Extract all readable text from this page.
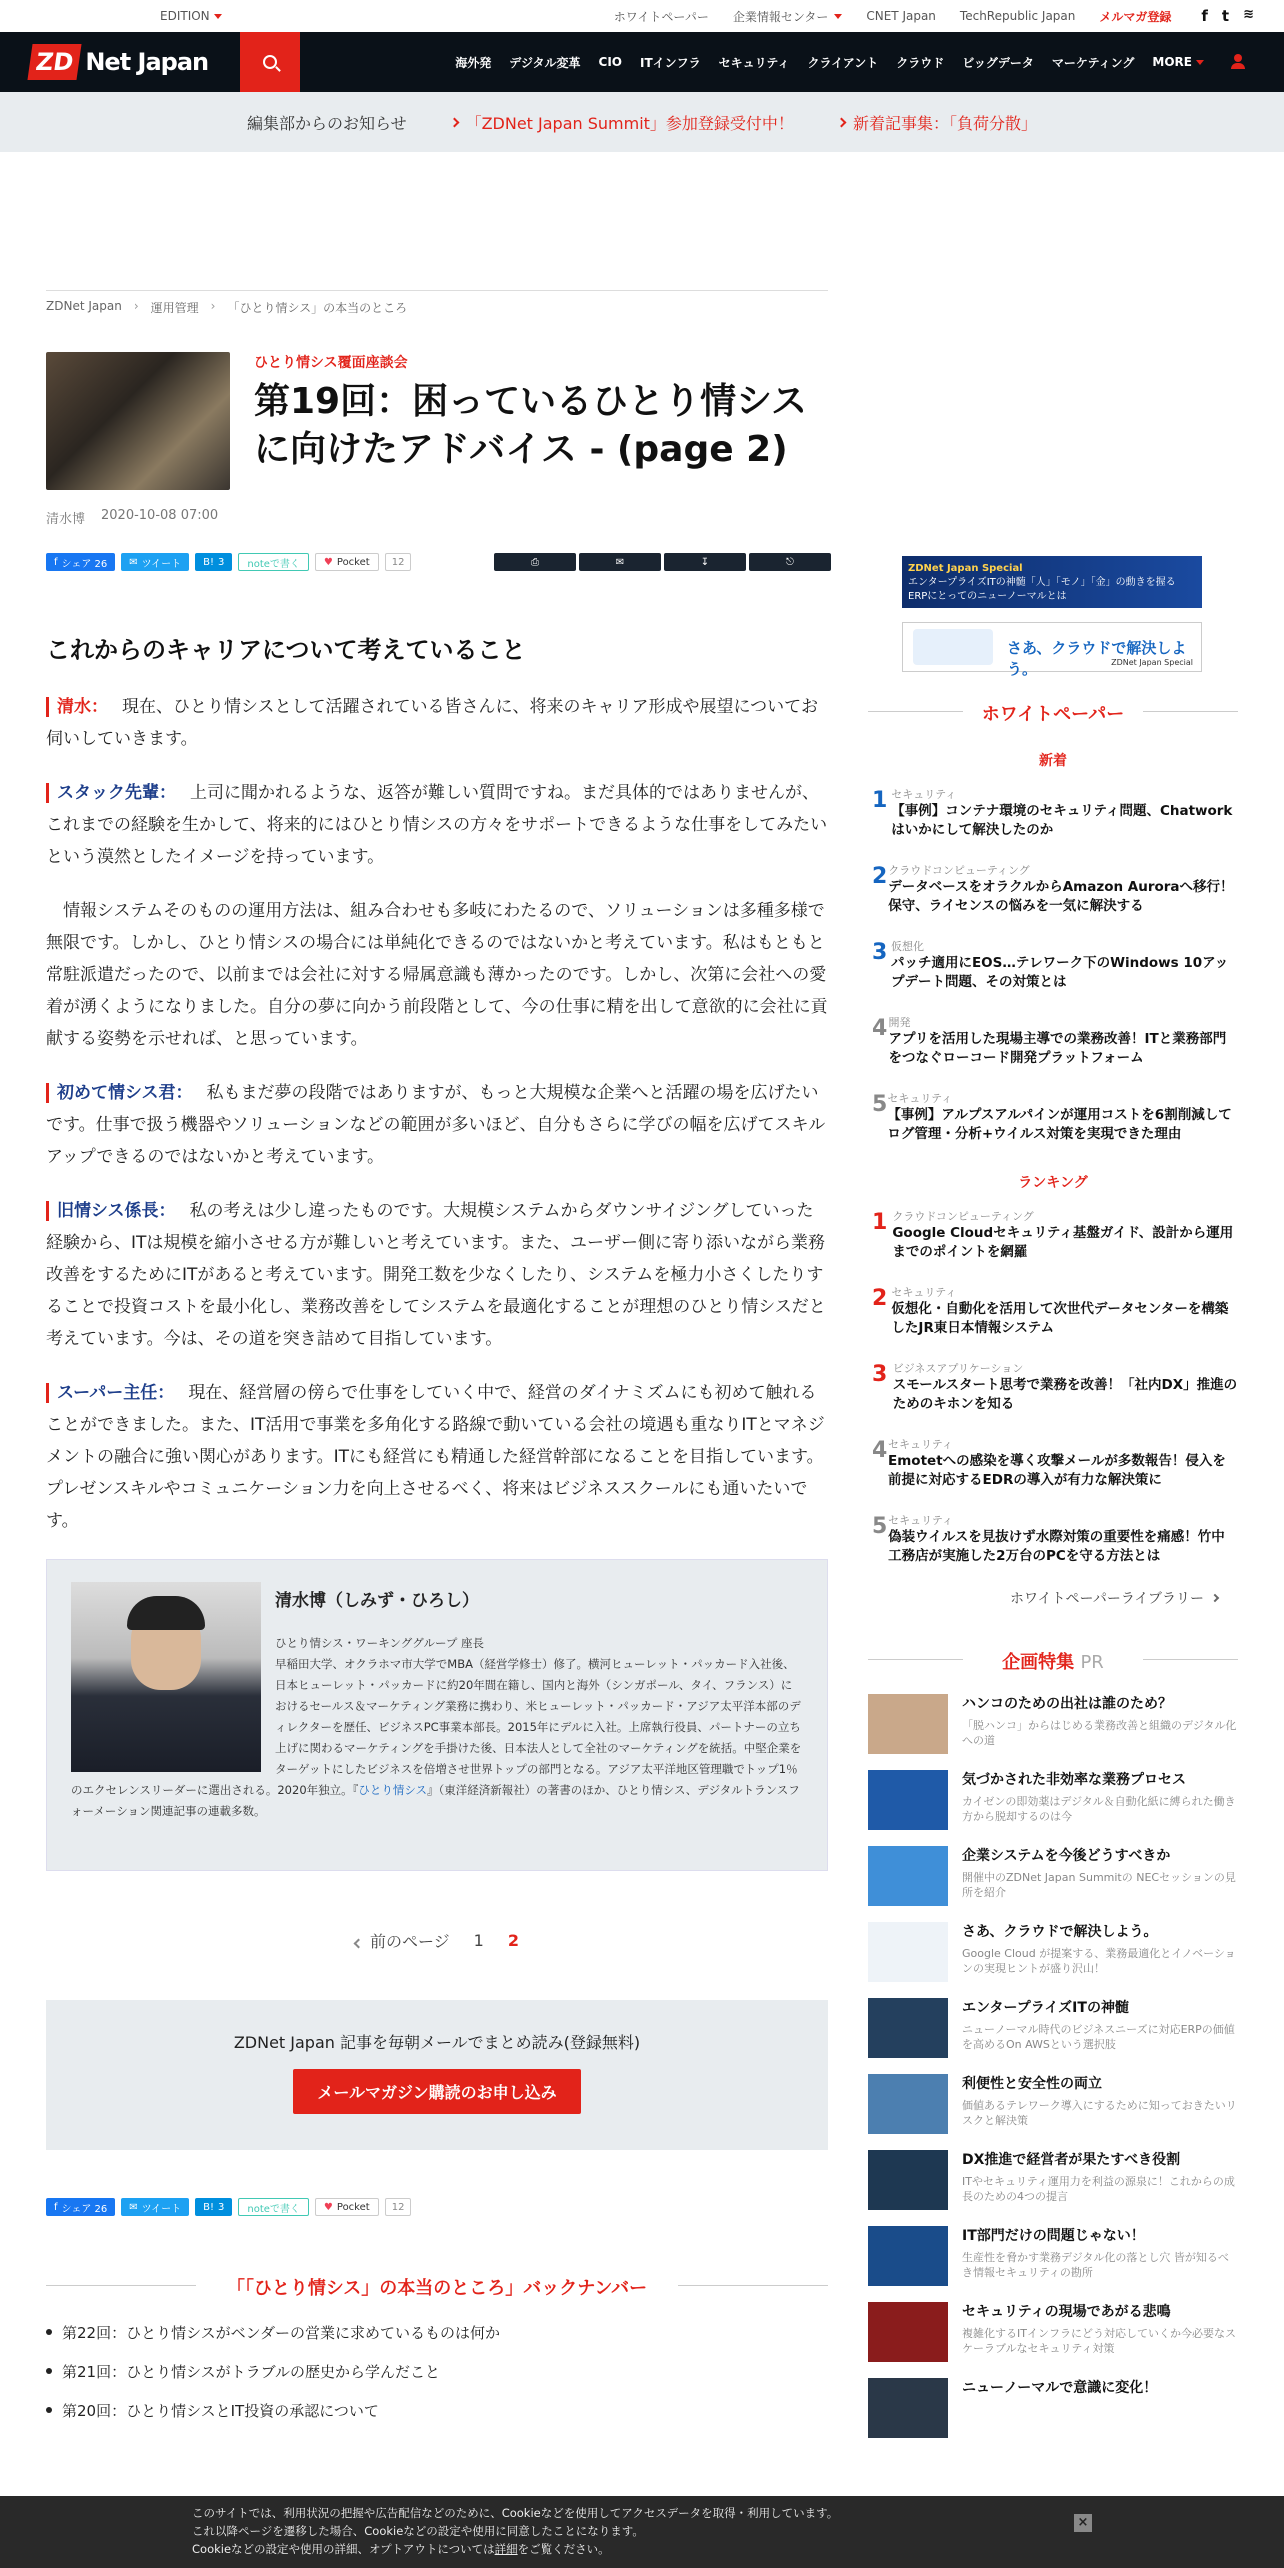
EDITION	ホワイトペーパー 企業情報センター	CNET Japan TechRepublic Japan メルマガ登録 f t ≋
ZD Net Japan	海外発 デジタル変革 CIO ITインフラ セキュリティ クライアント クラウド ビッグデータ マーケティング MORE
編集部からのお知らせ	「ZDNet Japan Summit」参加登録受付中！	新着記事集：「負荷分散」
ZDNet Japan › 運用管理 › 「ひとり情シス」の本当のところ
ひとり情シス覆面座談会
第19回：困っているひとり情シスに向けたアドバイス - (page 2)
清水博 2020-10-08 07:00
f シェア 26 ✉︎ ツイート B! 3 noteで書く ♥ Pocket	12	⎙	✉	↧	⎋
これからのキャリアについて考えていること

清水： 現在、ひとり情シスとして活躍されている皆さんに、将来のキャリア形成や展望についてお伺いしていきます。

スタック先輩： 上司に聞かれるような、返答が難しい質問ですね。まだ具体的ではありませんが、これまでの経験を生かして、将来的にはひとり情シスの方々をサポートできるような仕事をしてみたいという漠然としたイメージを持っています。

情報システムそのものの運用方法は、組み合わせも多岐にわたるので、ソリューションは多種多様で無限です。しかし、ひとり情シスの場合には単純化できるのではないかと考えています。私はもともと常駐派遣だったので、以前までは会社に対する帰属意識も薄かったのです。しかし、次第に会社への愛着が湧くようになりました。自分の夢に向かう前段階として、今の仕事に精を出して意欲的に会社に貢献する姿勢を示せれば、と思っています。

初めて情シス君： 私もまだ夢の段階ではありますが、もっと大規模な企業へと活躍の場を広げたいです。仕事で扱う機器やソリューションなどの範囲が多いほど、自分もさらに学びの幅を広げてスキルアップできるのではないかと考えています。

旧情シス係長： 私の考えは少し違ったものです。大規模システムからダウンサイジングしていった経験から、ITは規模を縮小させる方が難しいと考えています。また、ユーザー側に寄り添いながら業務改善をするためにITがあると考えています。開発工数を少なくしたり、システムを極力小さくしたりすることで投資コストを最小化し、業務改善をしてシステムを最適化することが理想のひとり情シスだと考えています。今は、その道を突き詰めて目指しています。

スーパー主任： 現在、経営層の傍らで仕事をしていく中で、経営のダイナミズムにも初めて触れることができました。また、IT活用で事業を多角化する路線で動いている会社の境遇も重なりITとマネジメントの融合に強い関心があります。ITにも経営にも精通した経営幹部になることを目指しています。プレゼンスキルやコミュニケーション力を向上させるべく、将来はビジネススクールにも通いたいです。

清水博（しみず・ひろし）
ひとり情シス・ワーキンググループ 座長
早稲田大学、オクラホマ市大学でMBA（経営学修士）修了。横河ヒューレット・パッカード入社後、日本ヒューレット・パッカードに約20年間在籍し、国内と海外（シンガポール、タイ、フランス）におけるセールス＆マーケティング業務に携わり、米ヒューレット・パッカード・アジア太平洋本部のディレクターを歴任、ビジネスPC事業本部長。2015年にデルに入社。上席執行役員、パートナーの立ち上げに関わるマーケティングを手掛けた後、日本法人として全社のマーケティングを統括。中堅企業をターゲットにしたビジネスを倍増させ世界トップの部門となる。アジア太平洋地区管理職でトップ1％のエクセレンスリーダーに選出される。2020年独立。『ひとり情シス』（東洋経済新報社）の著書のほか、ひとり情シス、デジタルトランスフォーメーション関連記事の連載多数。
前のページ 1 2
ZDNet Japan 記事を毎朝メールでまとめ読み(登録無料)
メールマガジン購読のお申し込み
f シェア 26 ✉︎ ツイート B! 3 noteで書く ♥ Pocket	12
「「ひとり情シス」の本当のところ」バックナンバー
第22回：ひとり情シスがベンダーの営業に求めているものは何か
第21回：ひとり情シスがトラブルの歴史から学んだこと
第20回：ひとり情シスとIT投資の承認について
ZDNet Japan Special
エンタープライズITの神髄「人」「モノ」「金」の動きを握る
ERPにとってのニューノーマルとは
さあ、クラウドで解決しよう。	ZDNet Japan Special
ホワイトペーパー
新着
1 セキュリティ
【事例】コンテナ環境のセキュリティ問題、Chatworkはいかにして解決したのか
2 クラウドコンピューティング
データベースをオラクルからAmazon Auroraへ移行！保守、ライセンスの悩みを一気に解決する
3 仮想化
パッチ適用にEOS…テレワーク下のWindows 10アップデート問題、その対策とは
4 開発
アプリを活用した現場主導での業務改善！ITと業務部門をつなぐローコード開発プラットフォーム
5 セキュリティ
【事例】アルプスアルパインが運用コストを6割削減してログ管理・分析+ウイルス対策を実現できた理由
ランキング
1 クラウドコンピューティング
Google Cloudセキュリティ基盤ガイド、設計から運用までのポイントを網羅
2 セキュリティ
仮想化・自動化を活用して次世代データセンターを構築したJR東日本情報システム
3 ビジネスアプリケーション
スモールスタート思考で業務を改善！「社内DX」推進のためのキホンを知る
4 セキュリティ
Emotetへの感染を導く攻撃メールが多数報告！侵入を前提に対応するEDRの導入が有力な解決策に
5 セキュリティ
偽装ウイルスを見抜けず水際対策の重要性を痛感！竹中工務店が実施した2万台のPCを守る方法とは
ホワイトペーパーライブラリー
企画特集 PR
ハンコのための出社は誰のため？
「脱ハンコ」からはじめる業務改善と組織のデジタル化への道
気づかされた非効率な業務プロセス
カイゼンの即効薬はデジタル＆自動化紙に縛られた働き方から脱却するのは今
企業システムを今後どうすべきか
開催中のZDNet Japan Summitの NECセッションの見所を紹介
さあ、クラウドで解決しよう。
Google Cloud が提案する、業務最適化とイノベーションの実現ヒントが盛り沢山！
エンタープライズITの神髄
ニューノーマル時代のビジネスニーズに対応ERPの価値を高めるOn AWSという選択肢
利便性と安全性の両立
価値あるテレワーク導入にするために知っておきたいリスクと解決策
DX推進で経営者が果たすべき役割
ITやセキュリティ運用力を利益の源泉に！これからの成長のための4つの提言
IT部門だけの問題じゃない！
生産性を脅かす業務デジタル化の落とし穴 皆が知るべき情報セキュリティの勘所
セキュリティの現場であがる悲鳴
複雑化するITインフラにどう対応していくか今必要なスケーラブルなセキュリティ対策
ニューノーマルで意識に変化！
このサイトでは、利用状況の把握や広告配信などのために、Cookieなどを使用してアクセスデータを取得・利用しています。
これ以降ページを遷移した場合、Cookieなどの設定や使用に同意したことになります。
Cookieなどの設定や使用の詳細、オプトアウトについては詳細をご覧ください。
×
